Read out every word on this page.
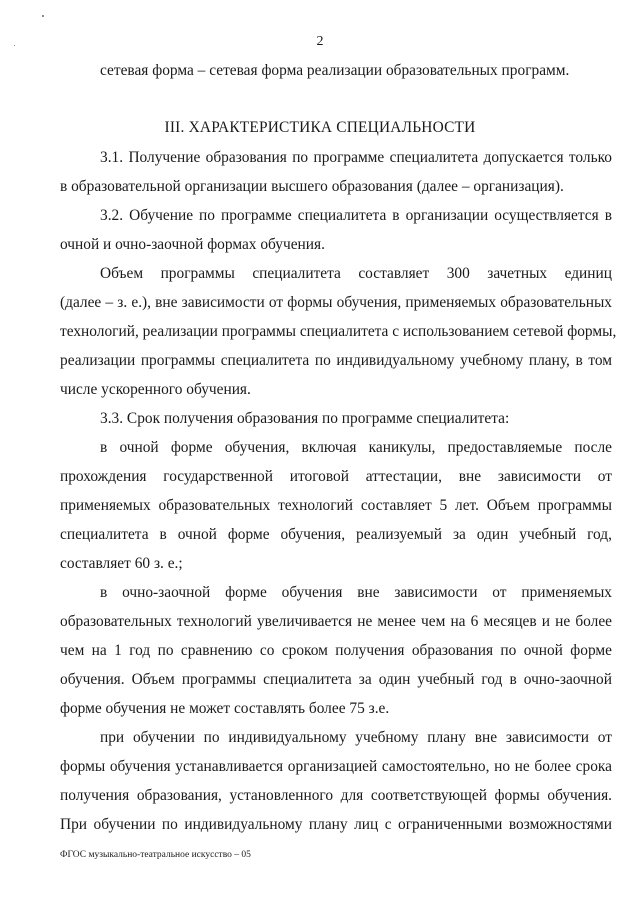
2
сетевая форма – сетевая форма реализации образовательных программ.
III. ХАРАКТЕРИСТИКА СПЕЦИАЛЬНОСТИ
3.1. Получение образования по программе специалитета допускается только
в образовательной организации высшего образования (далее – организация).
3.2. Обучение по программе специалитета в организации осуществляется в
очной и очно-заочной формах обучения.
Объем программы специалитета составляет 300 зачетных единиц
(далее – з. е.), вне зависимости от формы обучения, применяемых образовательных
технологий, реализации программы специалитета с использованием сетевой формы,
реализации программы специалитета по индивидуальному учебному плану, в том
числе ускоренного обучения.
3.3. Срок получения образования по программе специалитета:
в очной форме обучения, включая каникулы, предоставляемые после
прохождения государственной итоговой аттестации, вне зависимости от
применяемых образовательных технологий составляет 5 лет. Объем программы
специалитета в очной форме обучения, реализуемый за один учебный год,
составляет 60 з. е.;
в очно-заочной форме обучения вне зависимости от применяемых
образовательных технологий увеличивается не менее чем на 6 месяцев и не более
чем на 1 год по сравнению со сроком получения образования по очной форме
обучения. Объем программы специалитета за один учебный год в очно-заочной
форме обучения не может составлять более 75 з.е.
при обучении по индивидуальному учебному плану вне зависимости от
формы обучения устанавливается организацией самостоятельно, но не более срока
получения образования, установленного для соответствующей формы обучения.
При обучении по индивидуальному плану лиц с ограниченными возможностями
ФГОС музыкально-театральное искусство – 05
